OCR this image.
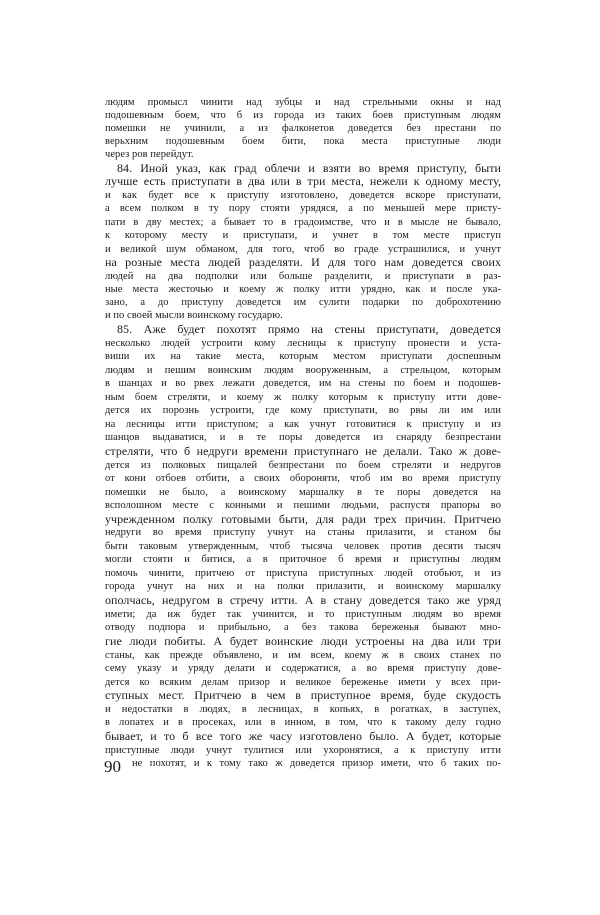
людям промысл чинити над зубцы и над стрельными окны и над
подошевным боем, что б из города из таких боев приступным людям
помешки не учинили, а из фалконетов доведется без престани по
верьхним подошевным боем бити, пока места приступные люди
через ров перейдут.
84. Иной указ, как град облечи и взяти во время приступу, быти
лучше есть приступати в два или в три места, нежели к одному месту,
и как будет все к приступу изготовлено, доведется вскоре приступати,
а всем полком в ту пору стояти урядяся, а по меньшей мере присту-
пати в дву местех; а бывает то в градоимстве, что и в мысле не бывало,
к которому месту и приступати, и учнет в том месте приступ
и великой шум обманом, для того, чтоб во граде устрашилися, и учнут
на розные места людей разделяти. И для того нам доведется своих
людей на два подполки или больше разделити, и приступати в раз-
ные места жесточью и коему ж полку итти урядно, как и после ука-
зано, а до приступу доведется им сулити подарки по доброхотению
и по своей мысли воинскому государю.
85. Аже будет похотят прямо на стены приступати, доведется
несколько людей устроити кому лесницы к приступу пронести и уста-
виши их на такие места, которым местом приступати доспешным
людям и пешим воинским людям вооруженным, а стрельцом, которым
в шанцах и во рвех лежати доведется, им на стены по боем и подошев-
ным боем стреляти, и коему ж полку которым к приступу итти дове-
дется их порознь устроити, где кому приступати, во рвы ли им или
на лесницы итти приступом; а как учнут готовитися к приступу и из
шанцов выдаватися, и в те поры доведется из снаряду безпрестани
стреляти, что б недруги времени приступнаго не делали. Тако ж дове-
дется из полковых пищалей безпрестани по боем стреляти и недругов
от кони отбоев отбити, а своих обороняти, чтоб им во время приступу
помешки не было, а воинскому маршалку в те поры доведется на
всполошном месте с конными и пешими людьми, распустя прапоры во
учрежденном полку готовыми быти, для ради трех причин. Притчею
недруги во время приступу учнут на станы прилазити, и станом бы
быти таковым утвержденным, чтоб тысяча человек против десяти тысяч
могли стояти и битися, а в приточное б время и приступны людям
помочь чинити, притчею от приступа приступных людей отобьют, и из
города учнут на них и на полки прилазити, и воинскому маршалку
ополчась, недругом в стречу итти. А в стану доведется тако же уряд
имети; да иж будет так учинится, и то приступным людям во время
отводу подпора и прибыльно, а без такова береженья бывают мно-
гие люди побиты. А будет воинские люди устроены на два или три
станы, как прежде объявлено, и им всем, коему ж в своих станех по
сему указу и уряду делати и содержатися, а во время приступу дове-
дется ко всяким делам призор и великое береженье имети у всех при-
ступных мест. Притчею в чем в приступное время, буде скудость
и недостатки в людях, в лесницах, в копьях, в рогатках, в заступех,
в лопатех и в просеках, или в инном, в том, что к такому делу годно
бывает, и то б все того же часу изготовлено было. А будет, которые
приступные люди учнут тулитися или ухоронятися, а к приступу итти
не похотят, и к тому тако ж доведется призор имети, что б таких по-
90
